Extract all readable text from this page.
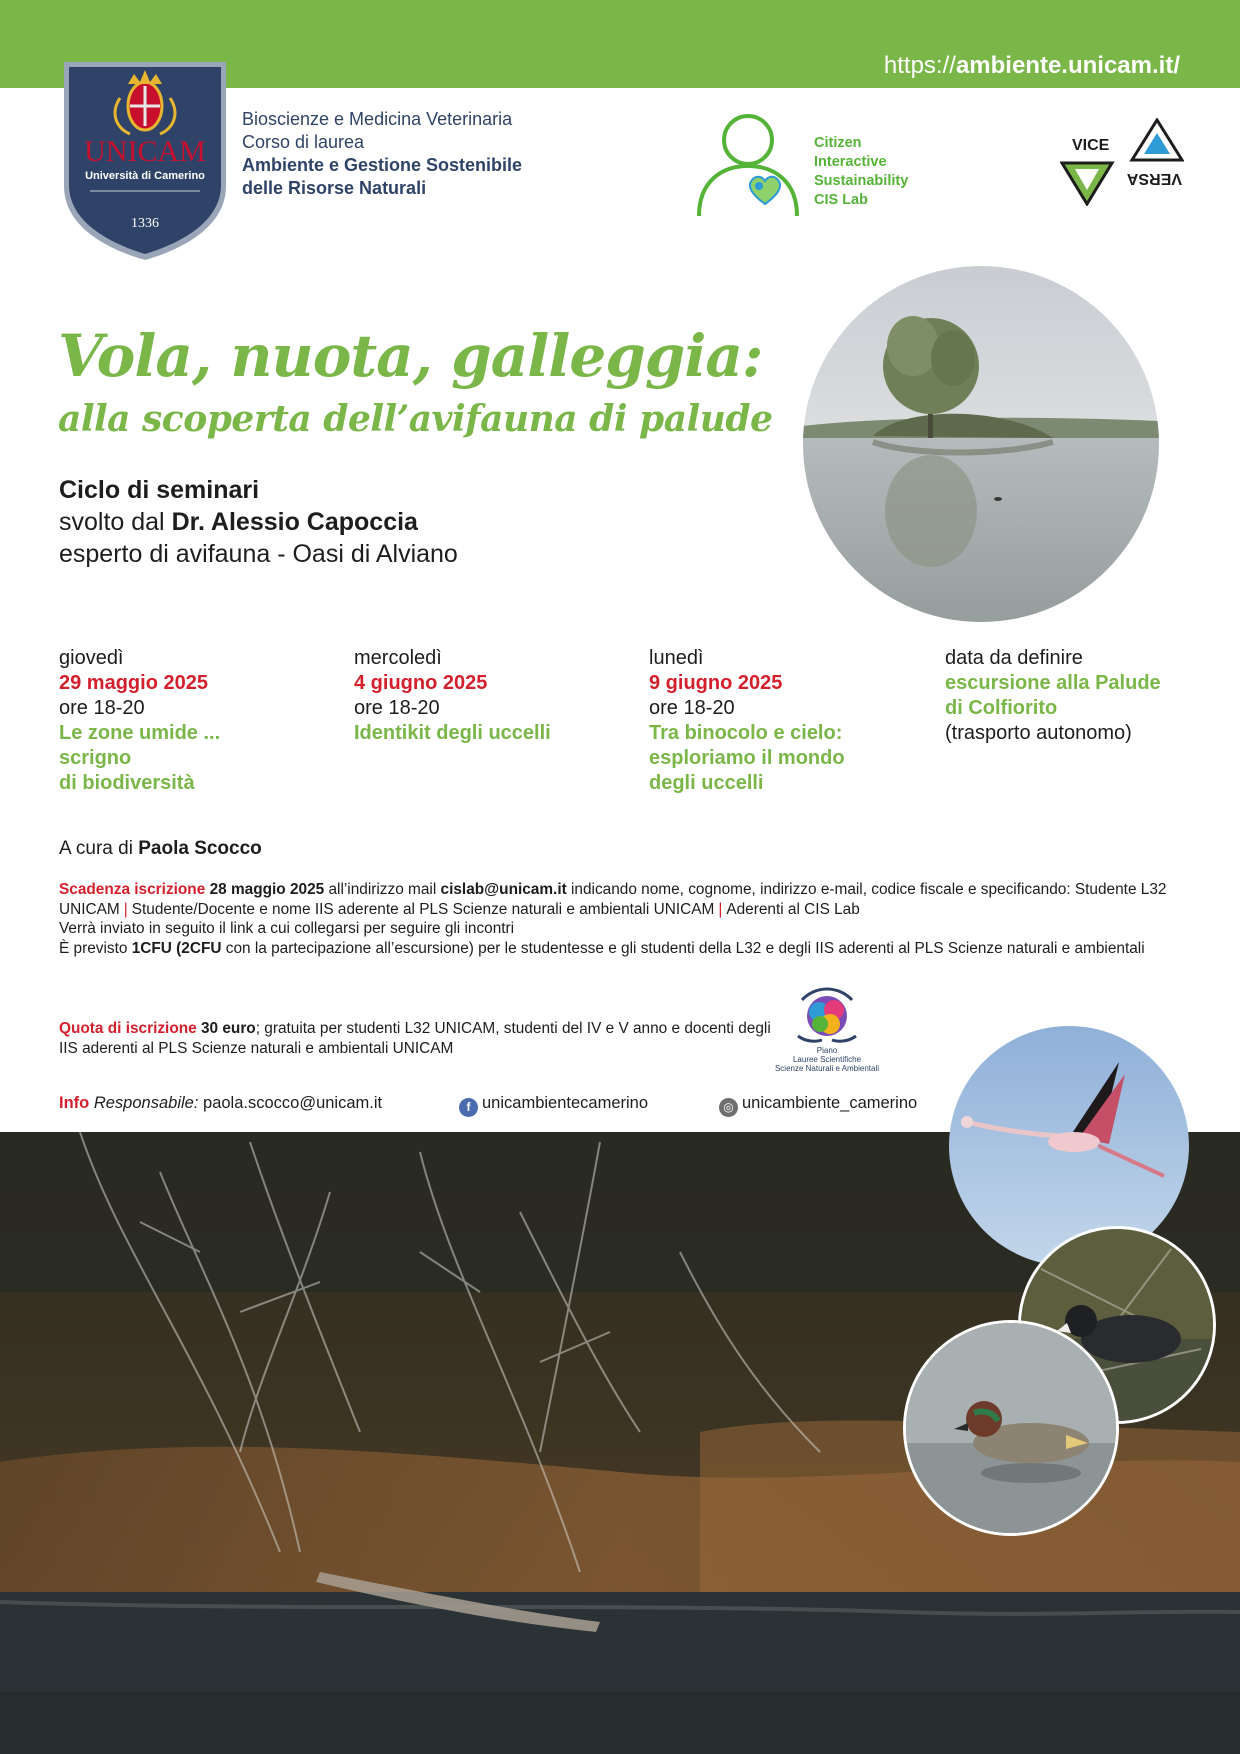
https://ambiente.unicam.it/
UNICAM
Università di Camerino
1336
Bioscienze e Medicina Veterinaria
Corso di laurea
Ambiente e Gestione Sostenibile
delle Risorse Naturali
Citizen
Interactive
Sustainability
CIS Lab
VICE
VERSA
Vola, nuota, galleggia:
alla scoperta dell’avifauna di palude
Ciclo di seminari
svolto dal Dr. Alessio Capoccia
esperto di avifauna - Oasi di Alviano
giovedì
29 maggio 2025
ore 18-20
Le zone umide ...
scrigno
di biodiversità
mercoledì
4 giugno 2025
ore 18-20
Identikit degli uccelli
lunedì
9 giugno 2025
ore 18-20
Tra binocolo e cielo:
esploriamo il mondo
degli uccelli
data da definire
escursione alla Palude
di Colfiorito
(trasporto autonomo)
A cura di Paola Scocco
Scadenza iscrizione 28 maggio 2025 all’indirizzo mail cislab@unicam.it indicando nome, cognome, indirizzo e-mail, codice fiscale e specificando: Studente L32 UNICAM | Studente/Docente e nome IIS aderente al PLS Scienze naturali e ambientali UNICAM | Aderenti al CIS Lab
Verrà inviato in seguito il link a cui collegarsi per seguire gli incontri
È previsto 1CFU (2CFU con la partecipazione all’escursione) per le studentesse e gli studenti della L32 e degli IIS aderenti al PLS Scienze naturali e ambientali
Quota di iscrizione 30 euro; gratuita per studenti L32 UNICAM, studenti del IV e V anno e docenti degli IIS aderenti al PLS Scienze naturali e ambientali UNICAM	Piano
Lauree Scientifiche
Scienze Naturali e Ambientali
Info Responsabile: paola.scocco@unicam.it	f unicambientecamerino	◎ unicambiente_camerino
